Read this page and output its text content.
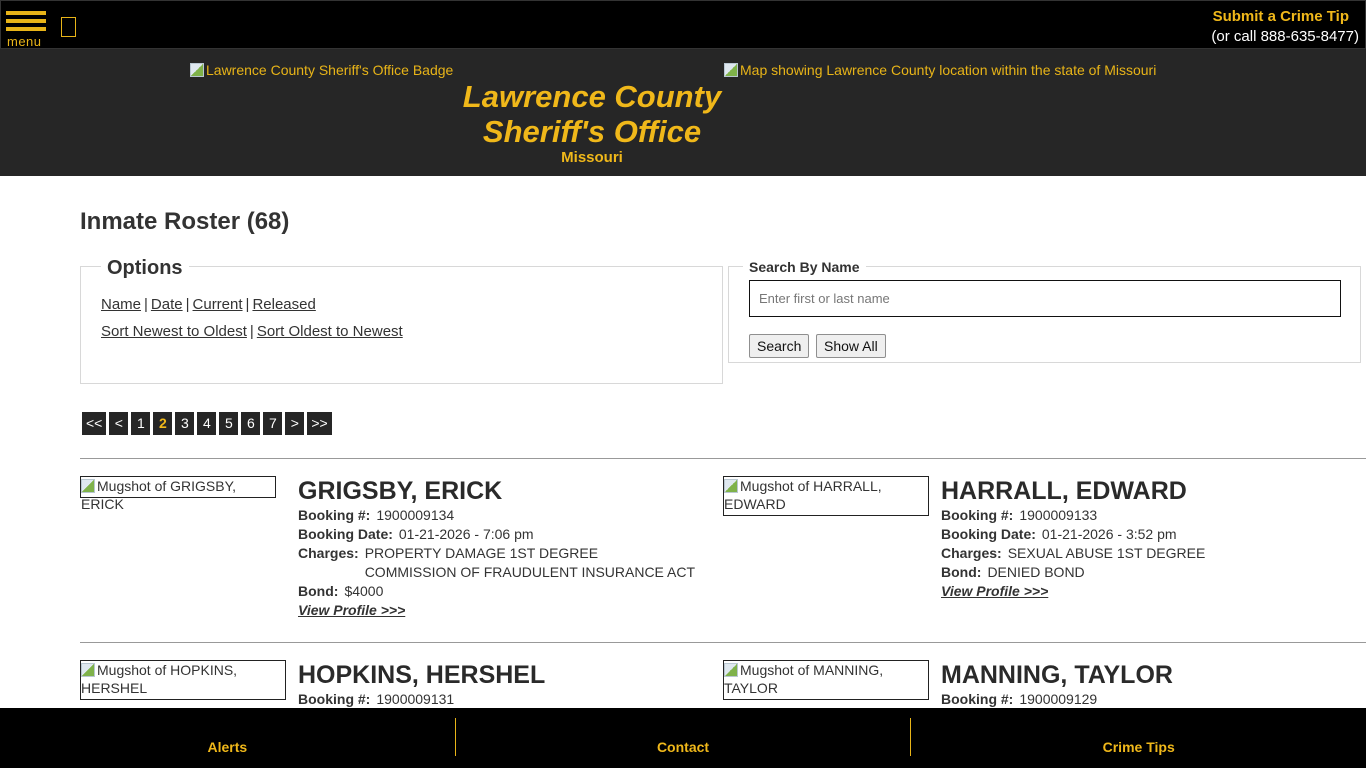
menu
Submit a Crime Tip
(or call 888-635-8477)
Lawrence County Sheriff's Office Badge
Lawrence County
Sheriff's Office
Missouri
Map showing Lawrence County location within the state of Missouri
Inmate Roster (68)
Options
Name | Date | Current | Released
Sort Newest to Oldest | Sort Oldest to Newest
Search By Name
Enter first or last name
Search	Show All
<< <	1	2	3	4	5	6	7	> >>
Mugshot of GRIGSBY, ERICK	GRIGSBY, ERICK
Booking #: 1900009134
Booking Date: 01-21-2026 - 7:06 pm
Charges: PROPERTY DAMAGE 1ST DEGREE
COMMISSION OF FRAUDULENT INSURANCE ACT
Bond: $4000
View Profile >>>
Mugshot of HARRALL, EDWARD	HARRALL, EDWARD
Booking #: 1900009133
Booking Date: 01-21-2026 - 3:52 pm
Charges: SEXUAL ABUSE 1ST DEGREE
Bond: DENIED BOND
View Profile >>>
Mugshot of HOPKINS, HERSHEL	HOPKINS, HERSHEL
Booking #: 1900009131
Mugshot of MANNING, TAYLOR	MANNING, TAYLOR
Booking #: 1900009129
Alerts	Contact	Crime Tips
